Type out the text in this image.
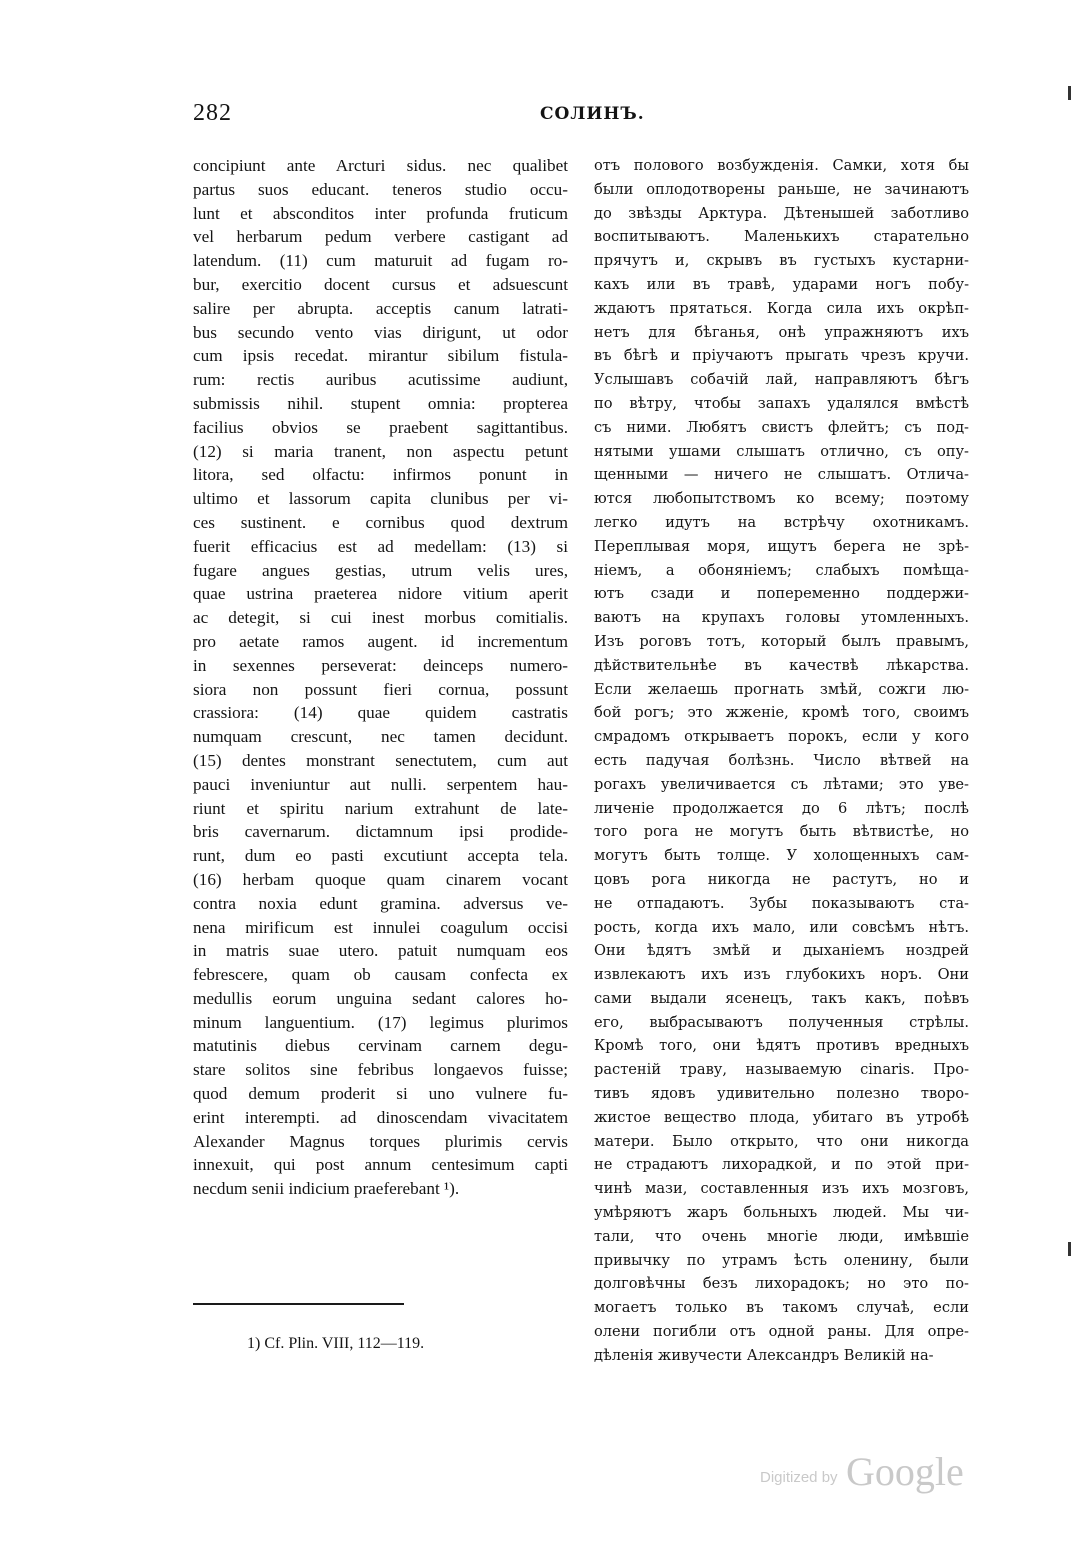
282	СОЛИНЪ.
concipiunt ante Arcturi sidus. nec qualibet
partus suos educant. teneros studio occu-
lunt et absconditos inter profunda fruticum
vel herbarum pedum verbere castigant ad
latendum. (11) cum maturuit ad fugam ro-
bur, exercitio docent cursus et adsuescunt
salire per abrupta. acceptis canum latrati-
bus secundo vento vias dirigunt, ut odor
cum ipsis recedat. mirantur sibilum fistula-
rum: rectis auribus acutissime audiunt,
submissis nihil. stupent omnia: propterea
facilius obvios se praebent sagittantibus.
(12) si maria tranent, non aspectu petunt
litora, sed olfactu: infirmos ponunt in
ultimo et lassorum capita clunibus per vi-
ces sustinent. e cornibus quod dextrum
fuerit efficacius est ad medellam: (13) si
fugare angues gestias, utrum velis ures,
quae ustrina praeterea nidore vitium aperit
ac detegit, si cui inest morbus comitialis.
pro aetate ramos augent. id incrementum
in sexennes perseverat: deinceps numero-
siora non possunt fieri cornua, possunt
crassiora: (14) quae quidem castratis
numquam crescunt, nec tamen decidunt.
(15) dentes monstrant senectutem, cum aut
pauci inveniuntur aut nulli. serpentem hau-
riunt et spiritu narium extrahunt de late-
bris cavernarum. dictamnum ipsi prodide-
runt, dum eo pasti excutiunt accepta tela.
(16) herbam quoque quam cinarem vocant
contra noxia edunt gramina. adversus ve-
nena mirificum est innulei coagulum occisi
in matris suae utero. patuit numquam eos
febrescere, quam ob causam confecta ex
medullis eorum unguina sedant calores ho-
minum languentium. (17) legimus plurimos
matutinis diebus cervinam carnem degu-
stare solitos sine febribus longaevos fuisse;
quod demum proderit si uno vulnere fu-
erint interempti. ad dinoscendam vivacitatem
Alexander Magnus torques plurimis cervis
innexuit, qui post annum centesimum capti
necdum senii indicium praeferebant ¹).
отъ полового возбужденія. Самки, хотя бы
были оплодотворены раньше, не зачинаютъ
до звѣзды Арктура. Дѣтенышей заботливо
воспитываютъ. Маленькихъ старательно
прячутъ и, скрывъ въ густыхъ кустарни-
кахъ или въ травѣ, ударами ногъ побу-
ждаютъ прятаться. Когда сила ихъ окрѣп-
нетъ для бѣганья, онѣ упражняютъ ихъ
въ бѣгѣ и пріучаютъ прыгать чрезъ кручи.
Услышавъ собачій лай, направляютъ бѣгъ
по вѣтру, чтобы запахъ удалялся вмѣстѣ
съ ними. Любятъ свистъ флейтъ; съ под-
нятыми ушами слышатъ отлично, съ опу-
щенными — ничего не слышатъ. Отлича-
ются любопытствомъ ко всему; поэтому
легко идутъ на встрѣчу охотникамъ.
Переплывая моря, ищутъ берега не зрѣ-
ніемъ, а обоняніемъ; слабыхъ помѣща-
ютъ сзади и попеременно поддержи-
ваютъ на крупахъ головы утомленныхъ.
Изъ роговъ тотъ, который былъ правымъ,
дѣйствительнѣе въ качествѣ лѣкарства.
Если желаешь прогнать змѣй, сожги лю-
бой рогъ; это жженіе, кромѣ того, своимъ
смрадомъ открываетъ порокъ, если у кого
есть падучая болѣзнь. Число вѣтвей на
рогахъ увеличивается съ лѣтами; это уве-
личеніе продолжается до 6 лѣтъ; послѣ
того рога не могутъ быть вѣтвистѣе, но
могутъ быть толще. У холощенныхъ сам-
цовъ рога никогда не растутъ, но и
не отпадаютъ. Зубы показываютъ ста-
рость, когда ихъ мало, или совсѣмъ нѣтъ.
Они ѣдятъ змѣй и дыханіемъ ноздрей
извлекаютъ ихъ изъ глубокихъ норъ. Они
сами выдали ясенецъ, такъ какъ, поѣвъ
его, выбрасываютъ полученныя стрѣлы.
Кромѣ того, они ѣдятъ противъ вредныхъ
растеній траву, называемую cinaris. Про-
тивъ ядовъ удивительно полезно творо-
жистое вещество плода, убитаго въ утробѣ
матери. Было открыто, что они никогда
не страдаютъ лихорадкой, и по этой при-
чинѣ мази, составленныя изъ ихъ мозговъ,
умѣряютъ жаръ больныхъ людей. Мы чи-
тали, что очень многіе люди, имѣвшіе
привычку по утрамъ ѣсть оленину, были
долговѣчны безъ лихорадокъ; но это по-
могаетъ только въ такомъ случаѣ, если
олени погибли отъ одной раны. Для опре-
дѣленія живучести Александръ Великій на-
1) Cf. Plin. VIII, 112—119.
Digitized by Google
